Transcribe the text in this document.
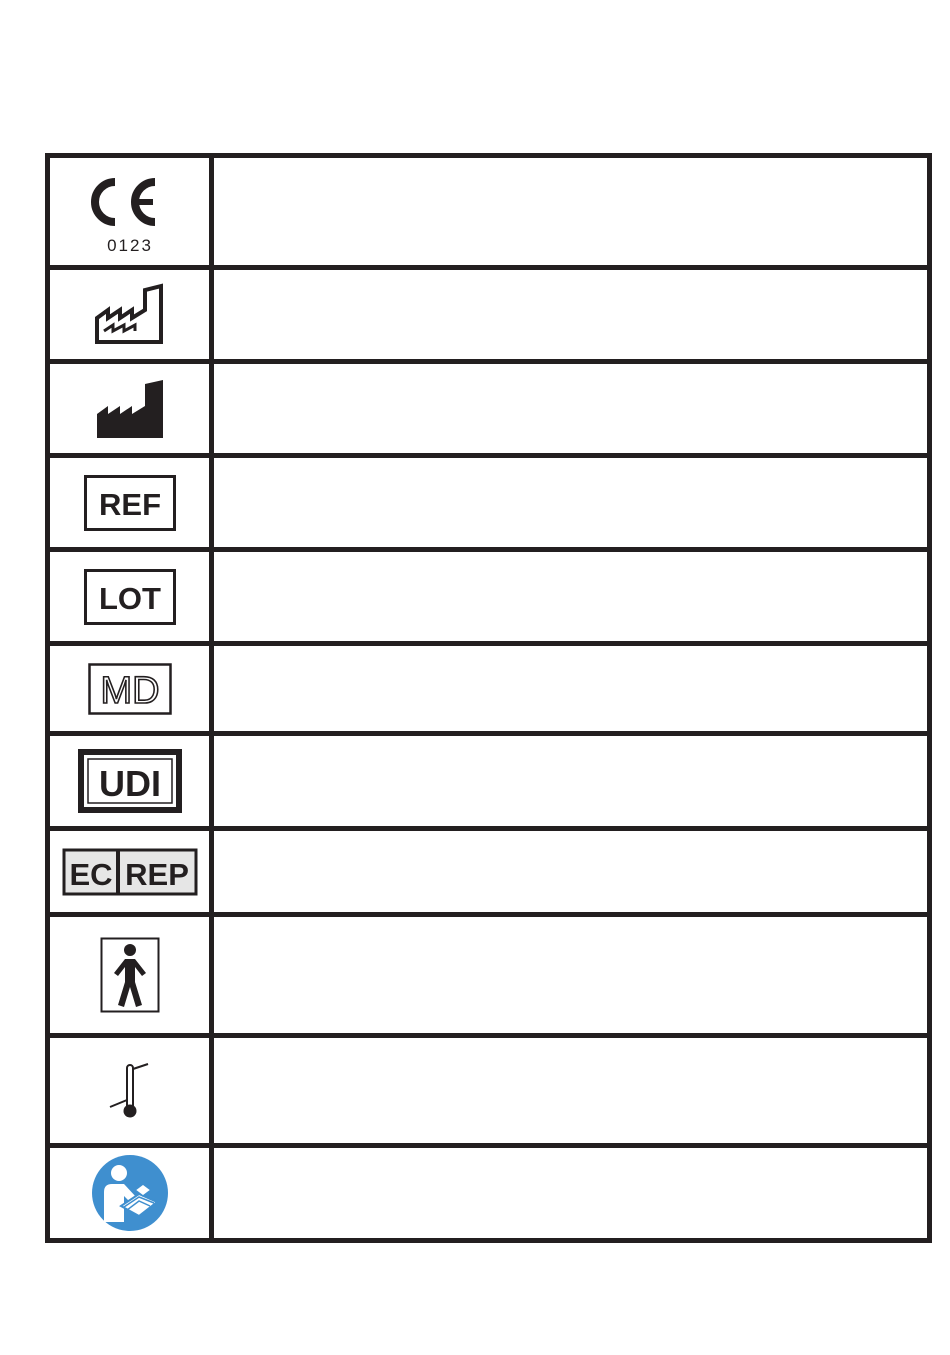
0123
REF
LOT
MD
UDI
EC REP
